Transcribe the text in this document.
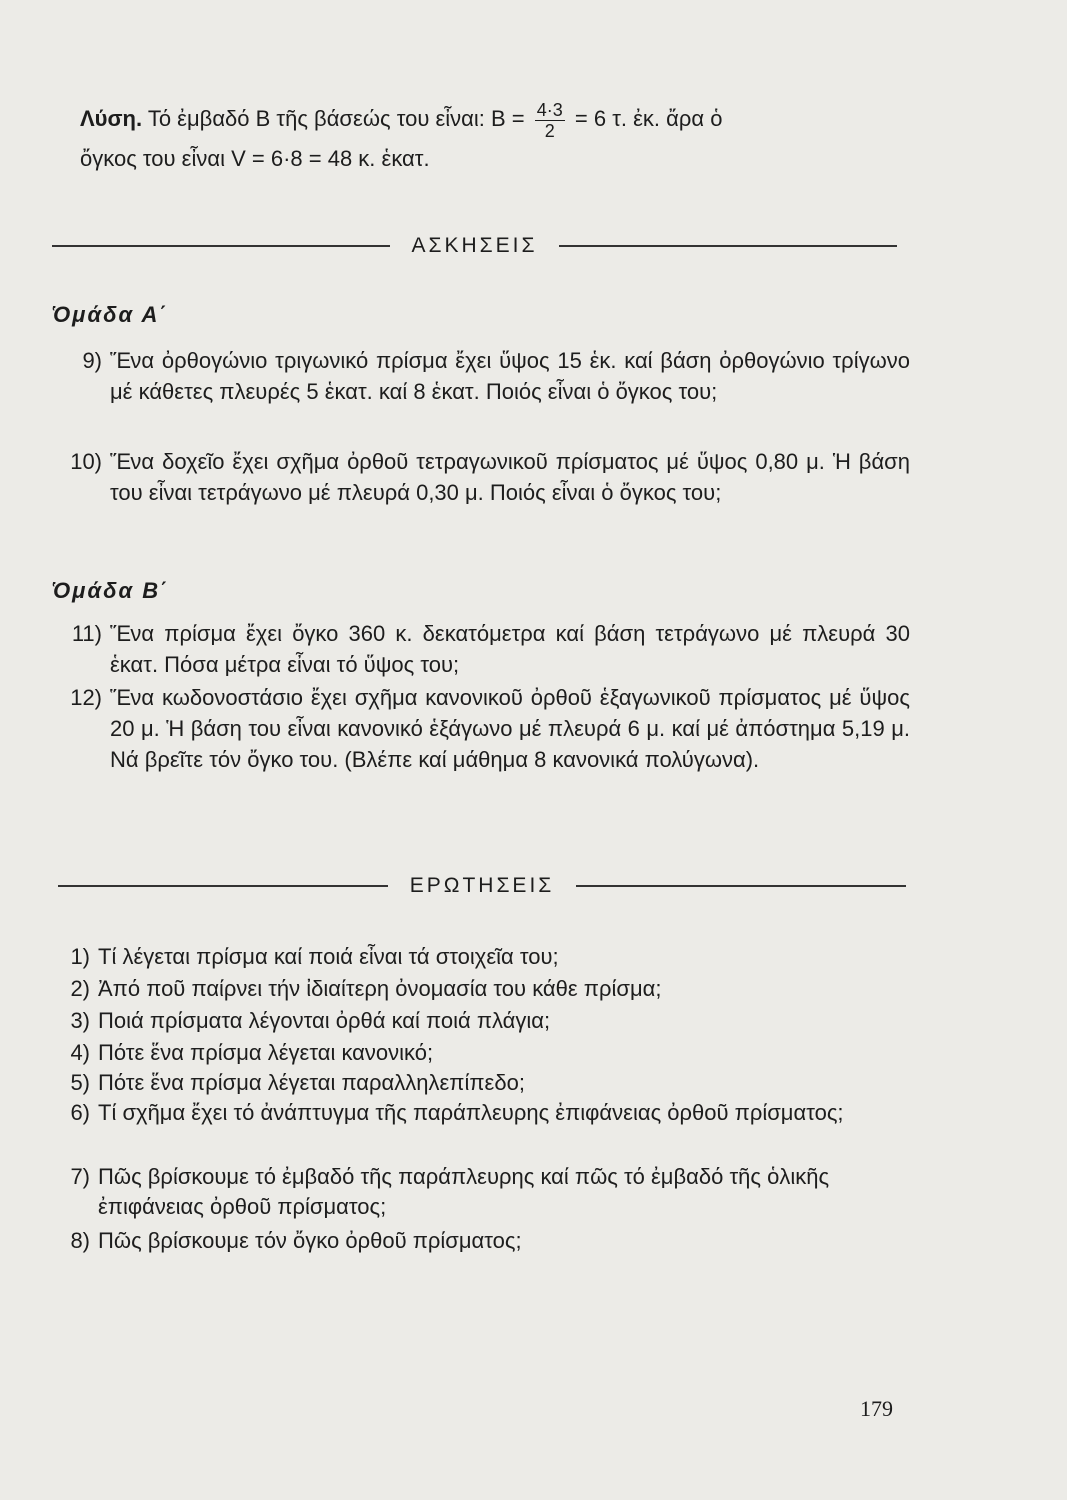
Λύση. Τό ἐμβαδό Β τῆς βάσεώς του εἶναι: $B = \frac{4\cdot 3}{2} = 6$ τ. ἐκ. ἄρα ὁ
ὄγκος του εἶναι V = 6·8 = 48 κ. ἑκατ.
ΑΣΚΗΣΕΙΣ
Ὁμάδα Α΄
9) Ἕνα ὀρθογώνιο τριγωνικό πρίσμα ἔχει ὕψος 15 ἑκ. καί βάση ὀρθογώνιο τρίγωνο μέ κάθετες πλευρές 5 ἑκατ. καί 8 ἑκατ. Ποιός εἶναι ὁ ὄγκος του;
10) Ἕνα δοχεῖο ἔχει σχῆμα ὀρθοῦ τετραγωνικοῦ πρίσματος μέ ὕψος 0,80 μ. Ἡ βάση του εἶναι τετράγωνο μέ πλευρά 0,30 μ. Ποιός εἶναι ὁ ὄγκος του;
Ὁμάδα Β΄
11) Ἕνα πρίσμα ἔχει ὄγκο 360 κ. δεκατόμετρα καί βάση τετράγωνο μέ πλευρά 30 ἑκατ. Πόσα μέτρα εἶναι τό ὕψος του;
12) Ἕνα κωδονοστάσιο ἔχει σχῆμα κανονικοῦ ὀρθοῦ ἑξαγωνικοῦ πρίσματος μέ ὕψος 20 μ. Ἡ βάση του εἶναι κανονικό ἑξάγωνο μέ πλευρά 6 μ. καί μέ ἀπόστημα 5,19 μ. Νά βρεῖτε τόν ὄγκο του. (Βλέπε καί μάθημα 8 κανονικά πολύγωνα).
ΕΡΩΤΗΣΕΙΣ
1) Τί λέγεται πρίσμα καί ποιά εἶναι τά στοιχεῖα του;
2) Ἀπό ποῦ παίρνει τήν ἰδιαίτερη ὀνομασία του κάθε πρίσμα;
3) Ποιά πρίσματα λέγονται ὀρθά καί ποιά πλάγια;
4) Πότε ἕνα πρίσμα λέγεται κανονικό;
5) Πότε ἕνα πρίσμα λέγεται παραλληλεπίπεδο;
6) Τί σχῆμα ἔχει τό ἀνάπτυγμα τῆς παράπλευρης ἐπιφάνειας ὀρθοῦ πρίσματος;
7) Πῶς βρίσκουμε τό ἐμβαδό τῆς παράπλευρης καί πῶς τό ἐμβαδό τῆς ὁλικῆς ἐπιφάνειας ὀρθοῦ πρίσματος;
8) Πῶς βρίσκουμε τόν ὄγκο ὀρθοῦ πρίσματος;
179
